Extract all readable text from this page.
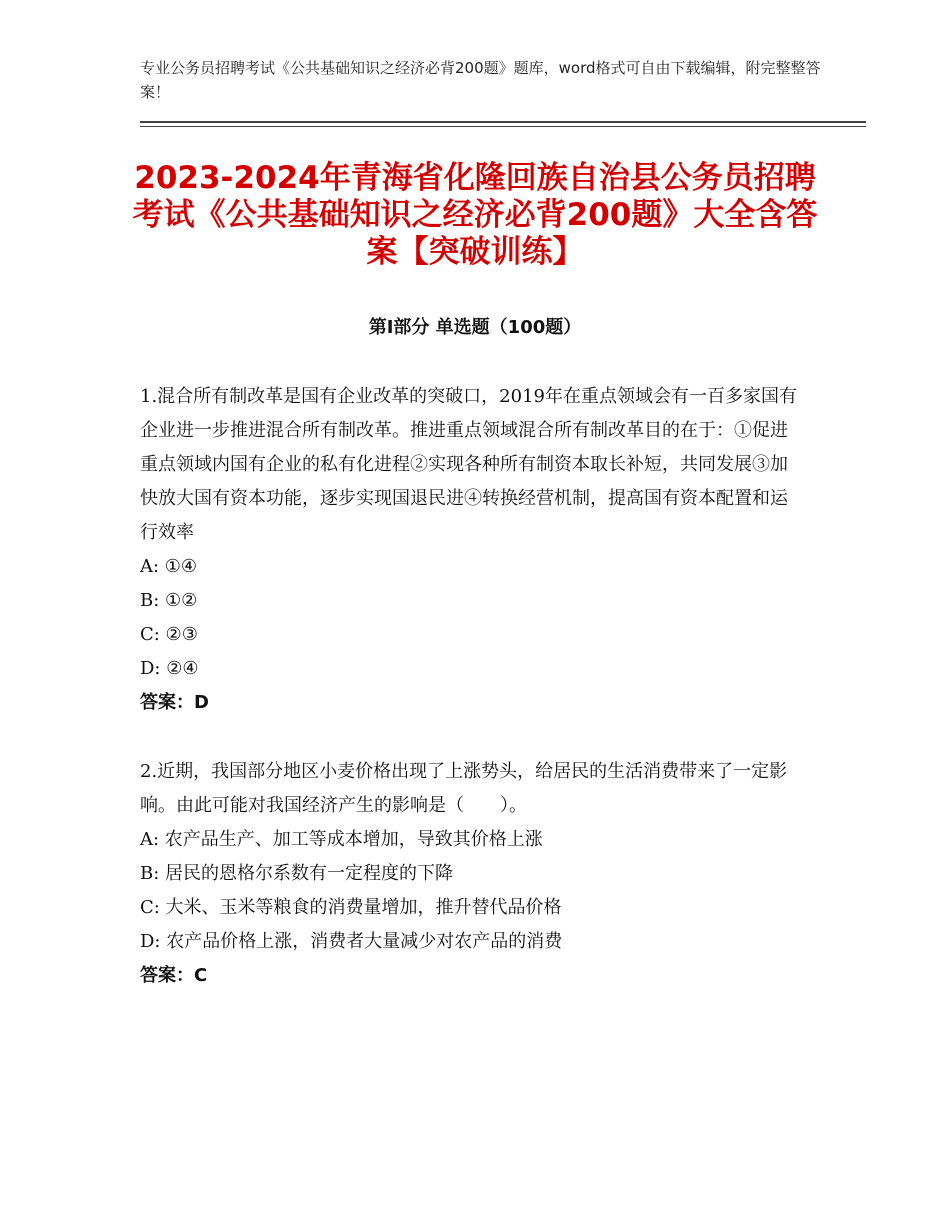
专业公务员招聘考试《公共基础知识之经济必背200题》题库，word格式可自由下载编辑，附完整整答案！
2023-2024年青海省化隆回族自治县公务员招聘考试《公共基础知识之经济必背200题》大全含答案【突破训练】
第Ⅰ部分 单选题（100题）

1.混合所有制改革是国有企业改革的突破口，2019年在重点领域会有一百多家国有企业进一步推进混合所有制改革。推进重点领域混合所有制改革目的在于：①促进重点领域内国有企业的私有化进程②实现各种所有制资本取长补短，共同发展③加快放大国有资本功能，逐步实现国退民进④转换经营机制，提高国有资本配置和运行效率

A: ①④
B: ①②
C: ②③
D: ②④
答案：D

2.近期，我国部分地区小麦价格出现了上涨势头，给居民的生活消费带来了一定影响。由此可能对我国经济产生的影响是（　　）。

A: 农产品生产、加工等成本增加，导致其价格上涨
B: 居民的恩格尔系数有一定程度的下降
C: 大米、玉米等粮食的消费量增加，推升替代品价格
D: 农产品价格上涨，消费者大量减少对农产品的消费
答案：C
